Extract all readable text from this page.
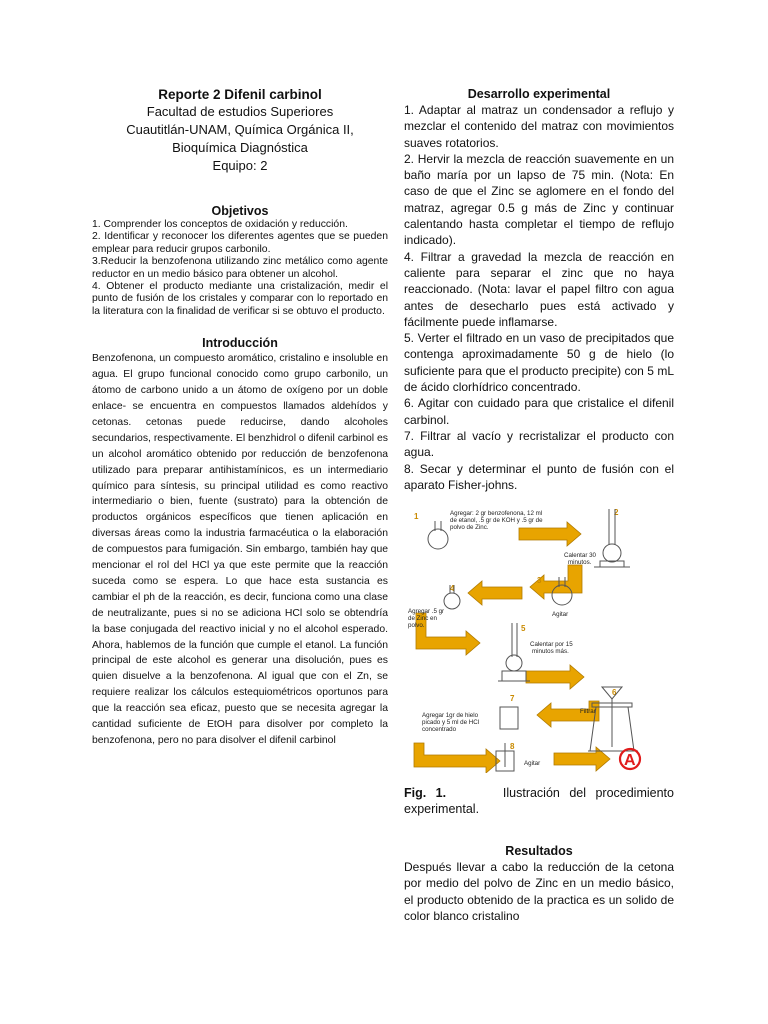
Reporte 2 Difenil carbinol
Facultad de estudios Superiores
Cuautitlán-UNAM, Química Orgánica II,
Bioquímica Diagnóstica
Equipo: 2
Objetivos

1. Comprender los conceptos de oxidación y reducción.

2. Identificar y reconocer los diferentes agentes que se pueden emplear para reducir grupos carbonilo.

3.Reducir la benzofenona utilizando zinc metálico como agente reductor en un medio básico para obtener un alcohol.

4. Obtener el producto mediante una cristalización, medir el punto de fusión de los cristales y comparar con lo reportado en la literatura con la finalidad de verificar si se obtuvo el producto.

Introducción

Benzofenona, un compuesto aromático, cristalino e insoluble en agua. El grupo funcional conocido como grupo carbonilo, un átomo de carbono unido a un átomo de oxígeno por un doble enlace- se encuentra en compuestos llamados aldehídos y cetonas. cetonas puede reducirse, dando alcoholes secundarios, respectivamente. El benzhidrol o difenil carbinol es un alcohol aromático obtenido por reducción de benzofenona utilizado para preparar antihistamínicos, es un intermediario químico para síntesis, su principal utilidad es como reactivo intermediario o bien, fuente (sustrato) para la obtención de productos orgánicos específicos que tienen aplicación en diversas áreas como la industria farmacéutica o la elaboración de compuestos para fumigación. Sin embargo, también hay que mencionar el rol del HCl ya que este permite que la reacción suceda como se espera. Lo que hace esta sustancia es cambiar el ph de la reacción, es decir, funciona como una clase de neutralizante, pues si no se adiciona HCl solo se obtendría la base conjugada del reactivo inicial y no el alcohol esperado. Ahora, hablemos de la función que cumple el etanol. La función principal de este alcohol es generar una disolución, pues es quien disuelve a la benzofenona. Al igual que con el Zn, se requiere realizar los cálculos estequiométricos oportunos para que la reacción sea eficaz, puesto que se necesita agregar la cantidad suficiente de EtOH para disolver por completo la benzofenona, pero no para disolver el difenil carbinol

Desarrollo experimental

1. Adaptar al matraz un condensador a reflujo y mezclar el contenido del matraz con movimientos suaves rotatorios.

2. Hervir la mezcla de reacción suavemente en un baño maría por un lapso de 75 min. (Nota: En caso de que el Zinc se aglomere en el fondo del matraz, agregar 0.5 g más de Zinc y continuar calentando hasta completar el tiempo de reflujo indicado).

4. Filtrar a gravedad la mezcla de reacción en caliente para separar el zinc que no haya reaccionado. (Nota: lavar el papel filtro con agua antes de desecharlo pues está activado y fácilmente puede inflamarse.

5. Verter el filtrado en un vaso de precipitados que contenga aproximadamente 50 g de hielo (lo suficiente para que el producto precipite) con 5 mL de ácido clorhídrico concentrado.

6. Agitar con cuidado para que cristalice el difenil carbinol.

7. Filtrar al vacío y recristalizar el producto con agua.

8. Secar y determinar el punto de fusión con el aparato Fisher-johns.

1	2
3
4
5
6
7
8
Agregar: 2 gr benzofenona, 12 ml
de etanol, .5 gr de KOH y .5 gr de
polvo de Zinc.
Calentar 30
minutos.
Agitar
Agregar .5 gr
de Zinc en
polvo.
Calentar por 15
minutos más.
Filtrar
Agregar 1gr de hielo
picado y 5 ml de HCl
concentrado
Agitar	A

Fig. 1.	Ilustración del procedimiento experimental.

Resultados

Después llevar a cabo la reducción de la cetona por medio del polvo de Zinc en un medio básico, el producto obtenido de la practica es un solido de color blanco cristalino
